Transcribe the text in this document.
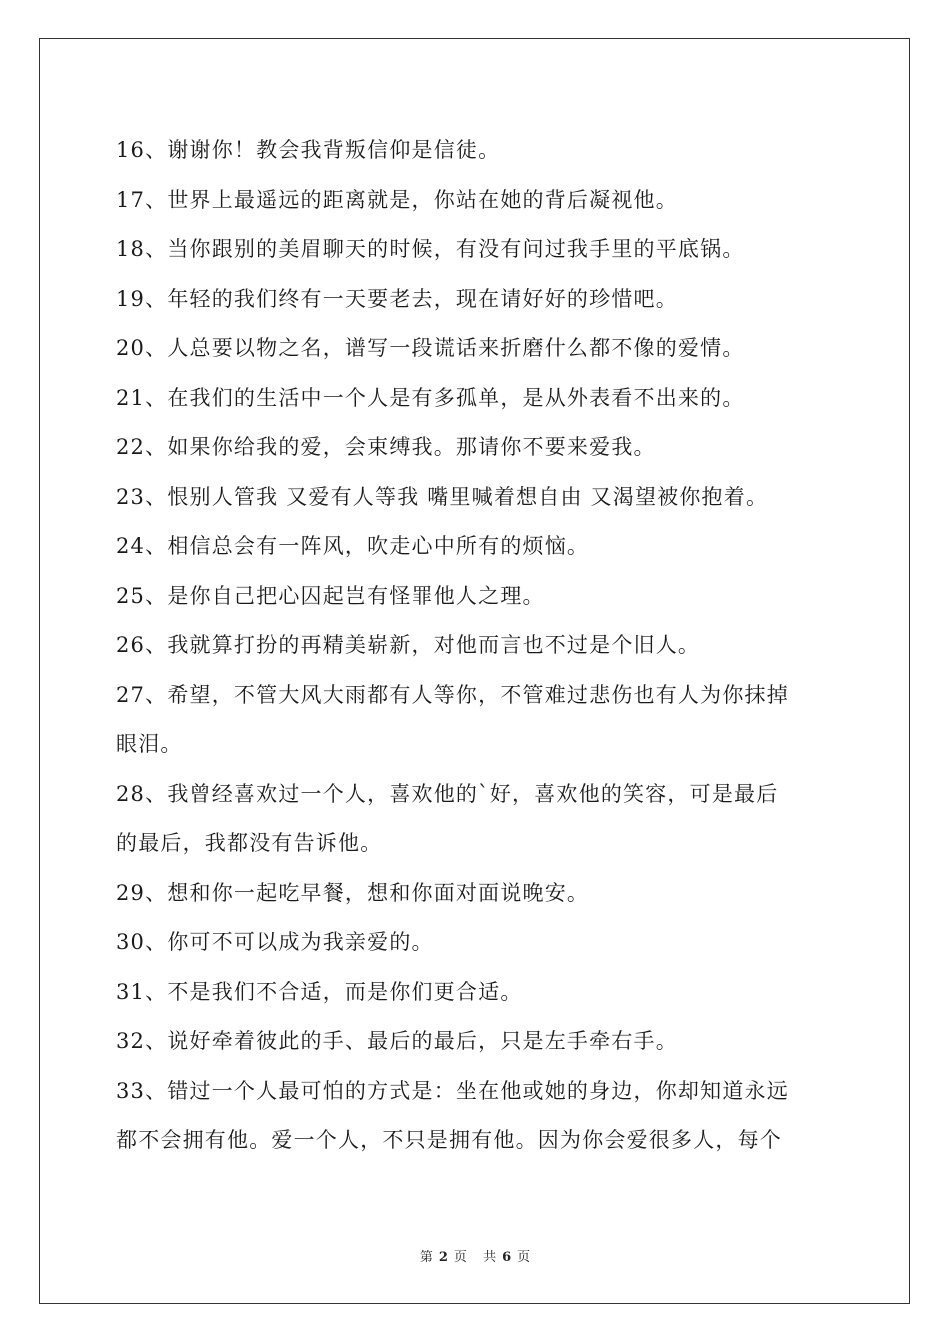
16、谢谢你！教会我背叛信仰是信徒。
17、世界上最遥远的距离就是，你站在她的背后凝视他。
18、当你跟别的美眉聊天的时候，有没有问过我手里的平底锅。
19、年轻的我们终有一天要老去，现在请好好的珍惜吧。
20、人总要以物之名，谱写一段谎话来折磨什么都不像的爱情。
21、在我们的生活中一个人是有多孤单，是从外表看不出来的。
22、如果你给我的爱，会束缚我。那请你不要来爱我。
23、恨别人管我 又爱有人等我 嘴里喊着想自由 又渴望被你抱着。
24、相信总会有一阵风，吹走心中所有的烦恼。
25、是你自己把心囚起岂有怪罪他人之理。
26、我就算打扮的再精美崭新，对他而言也不过是个旧人。
27、希望，不管大风大雨都有人等你，不管难过悲伤也有人为你抹掉
眼泪。
28、我曾经喜欢过一个人，喜欢他的`好，喜欢他的笑容，可是最后
的最后，我都没有告诉他。
29、想和你一起吃早餐，想和你面对面说晚安。
30、你可不可以成为我亲爱的。
31、不是我们不合适，而是你们更合适。
32、说好牵着彼此的手、最后的最后，只是左手牵右手。
33、错过一个人最可怕的方式是：坐在他或她的身边，你却知道永远
都不会拥有他。爱一个人，不只是拥有他。因为你会爱很多人，每个
第 2 页 共 6 页
